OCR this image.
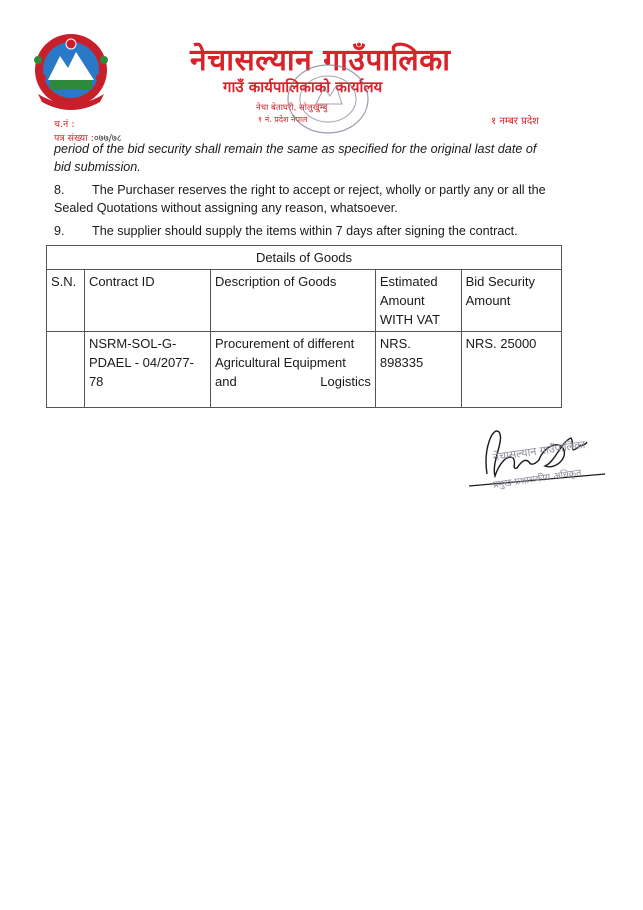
नेचासल्यान गाउँपालिका
गाउँ कार्यपालिकाको कार्यालय
नेचा बेताघरी, सोलुखुम्बु
१ नं. प्रदेश नेपाल	१ नम्बर प्रदेश
च.नं :
पत्र संख्या :०७७/७८
period of the bid security shall remain the same as specified for the original last date of bid submission.
8. The Purchaser reserves the right to accept or reject, wholly or partly any or all the Sealed Quotations without assigning any reason, whatsoever.
9. The supplier should supply the items within 7 days after signing the contract.
Details of Goods				
S.N.	Contract ID	Description of Goods	Estimated Amount WITH VAT	Bid Security Amount
	NSRM-SOL-G-PDAEL - 04/2077-78	Procurement of different Agricultural Equipment and Logistics	NRS. 898335	NRS. 25000
नेचासल्यान गाउँपालिका
प्रमुख प्रशासकीय अधिकृत
